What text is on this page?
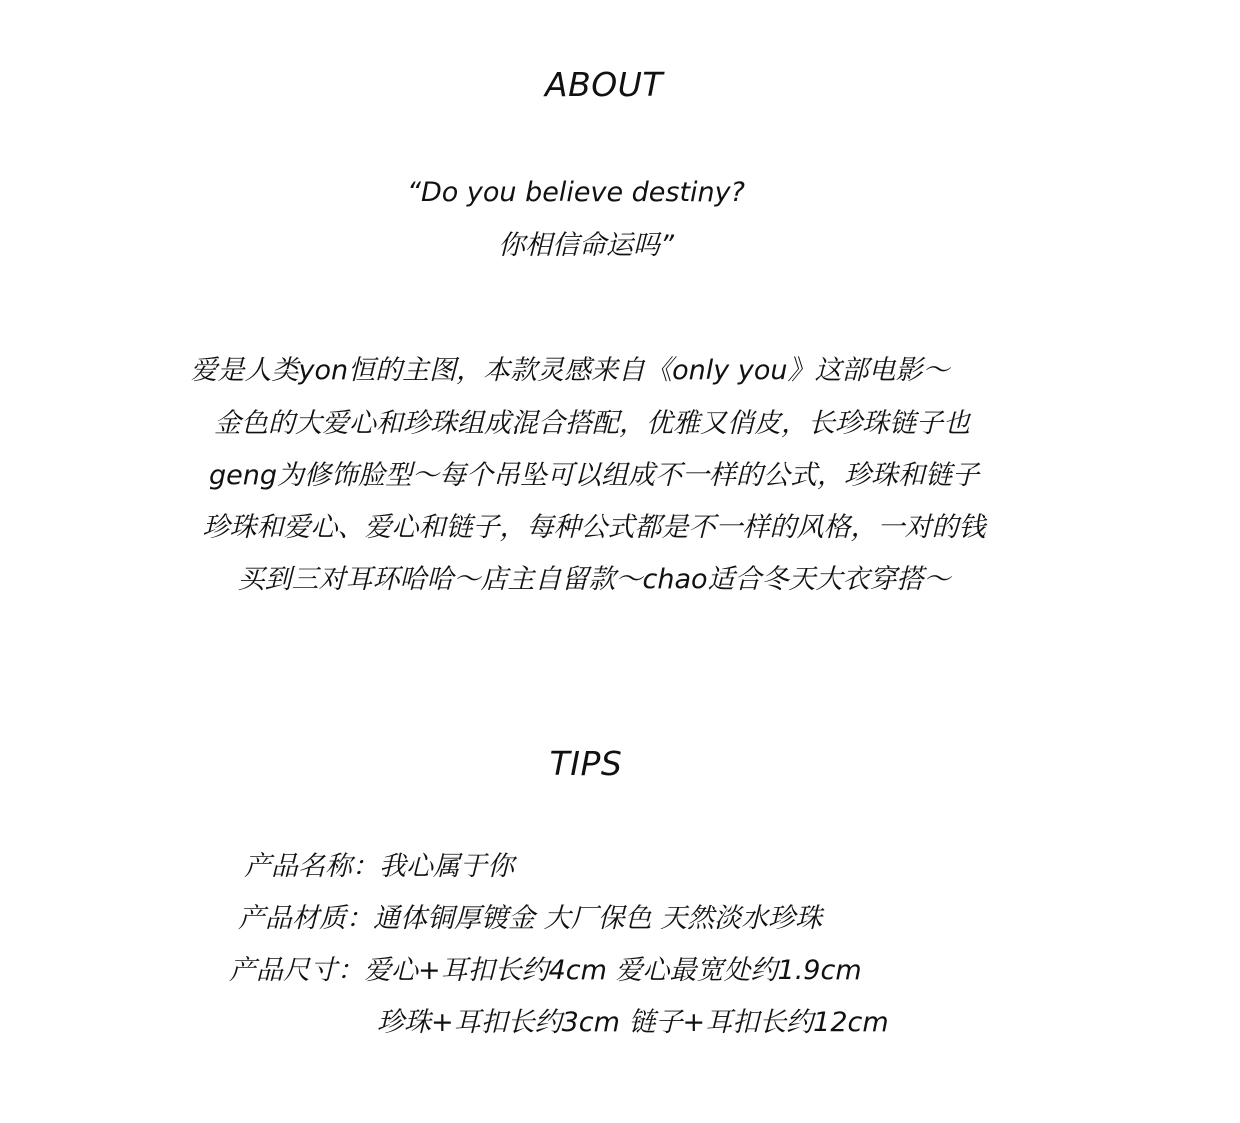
ABOUT
“Do you believe destiny?
你相信命运吗”
爱是人类yon恒的主图，本款灵感来自《only you》这部电影～
金色的大爱心和珍珠组成混合搭配，优雅又俏皮，长珍珠链子也
geng为修饰脸型～每个吊坠可以组成不一样的公式，珍珠和链子
珍珠和爱心、爱心和链子，每种公式都是不一样的风格，一对的钱
买到三对耳环哈哈～店主自留款～chao适合冬天大衣穿搭～
TIPS
产品名称：我心属于你
产品材质：通体铜厚镀金 大厂保色 天然淡水珍珠
产品尺寸：爱心+耳扣长约4cm 爱心最宽处约1.9cm
珍珠+耳扣长约3cm 链子+耳扣长约12cm
